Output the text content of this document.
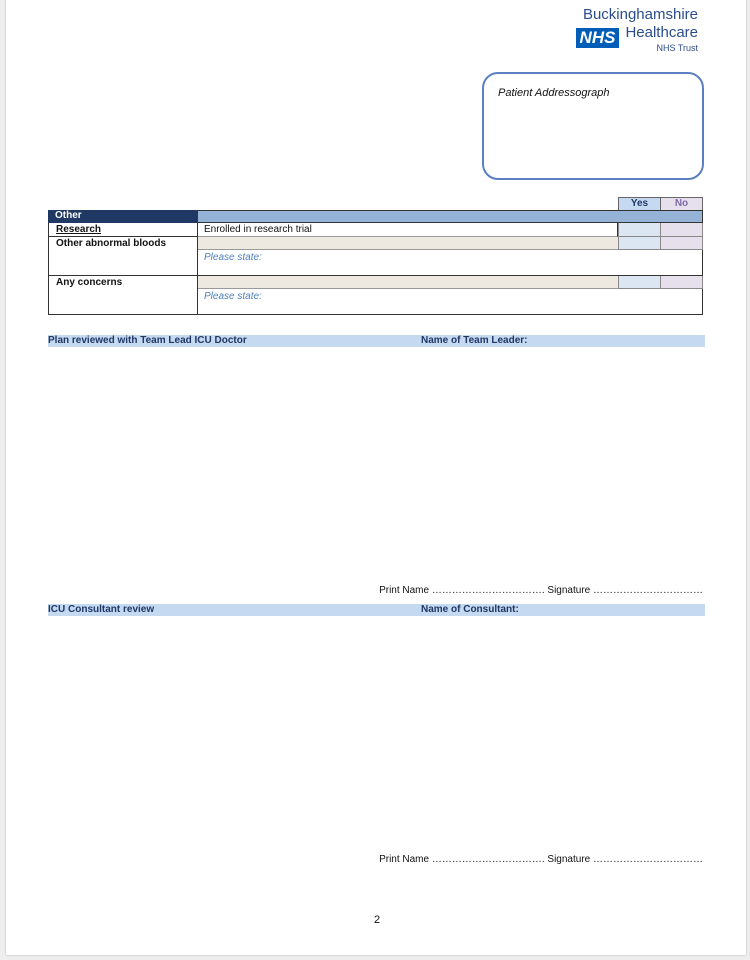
Buckinghamshire
NHS Healthcare
NHS Trust
Patient Addressograph
Yes	No
Other
Research	Enrolled in research trial
Other abnormal bloods
Please state:
Any concerns
Please state:
Plan reviewed with Team Lead ICU Doctor	Name of Team Leader:
Print Name ……………………………. Signature ……………………………
ICU Consultant review	Name of Consultant:
Print Name ……………………………. Signature ……………………………
2
